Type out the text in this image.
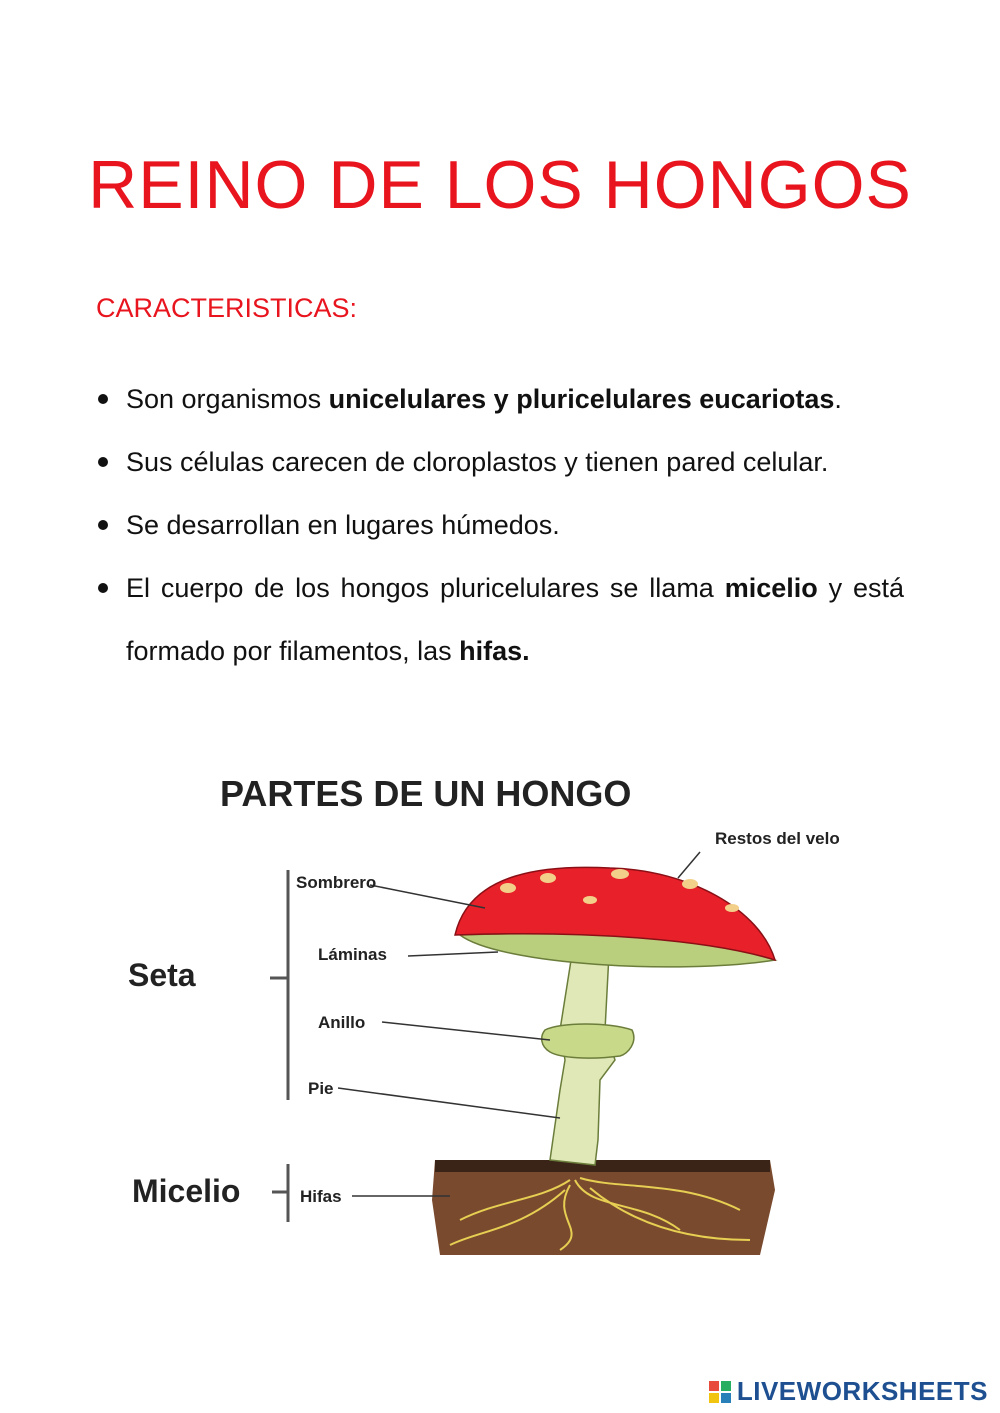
REINO DE LOS HONGOS
CARACTERISTICAS:
Son organismos unicelulares y pluricelulares eucariotas.
Sus células carecen de cloroplastos y tienen pared celular.
Se desarrollan en lugares húmedos.
El cuerpo de los hongos pluricelulares se llama micelio y está formado por filamentos, las hifas.
PARTES DE UN HONGO
Restos del velo
Sombrero
Láminas
Anillo
Pie
Hifas
Seta
Micelio
LIVEWORKSHEETS
